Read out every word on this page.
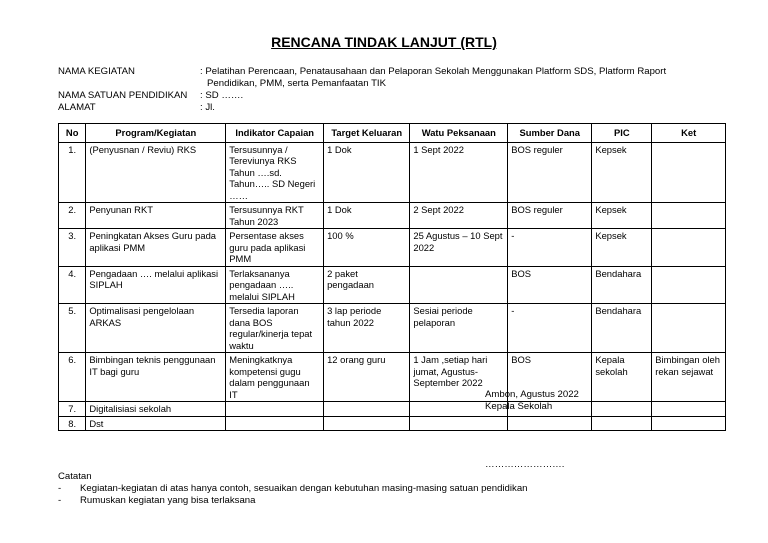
RENCANA TINDAK LANJUT (RTL)
NAMA KEGIATAN	: Pelatihan Perencaan, Penatausahaan dan Pelaporan Sekolah Menggunakan Platform SDS, Platform Raport
Pendidikan, PMM, serta Pemanfaatan TIK
NAMA SATUAN PENDIDIKAN : SD …….
ALAMAT	: Jl.
No	Program/Kegiatan	Indikator Capaian	Target Keluaran	Watu Peksanaan	Sumber Dana	PIC	Ket
1.	(Penyusnan / Reviu) RKS	Tersusunnya / Tereviunya RKS Tahun ….sd. Tahun….. SD Negeri ……	1 Dok	1 Sept 2022	BOS reguler	Kepsek	
2.	Penyunan RKT	Tersusunnya RKT Tahun 2023	1 Dok	2 Sept 2022	BOS reguler	Kepsek	
3.	Peningkatan Akses Guru pada aplikasi PMM	Persentase akses guru pada aplikasi PMM	100 %	25 Agustus – 10 Sept 2022	-	Kepsek	
4.	Pengadaan …. melalui aplikasi SIPLAH	Terlaksananya pengadaan ….. melalui SIPLAH	2 paket pengadaan		BOS	Bendahara	
5.	Optimalisasi pengelolaan ARKAS	Tersedia laporan dana BOS regular/kinerja tepat waktu	3 lap periode tahun 2022	Sesiai periode pelaporan	-	Bendahara	
6.	Bimbingan teknis penggunaan IT bagi guru	Meningkatknya kompetensi gugu dalam penggunaan IT	12 orang guru	1 Jam ,setiap hari jumat, Agustus-September 2022	BOS	Kepala sekolah	Bimbingan oleh rekan sejawat
7.	Digitalisiasi sekolah						
8.	Dst						
Ambon, Agustus 2022
Kepala Sekolah
…………………….
Catatan
-	Kegiatan-kegiatan di atas hanya contoh, sesuaikan dengan kebutuhan masing-masing satuan pendidikan
-	Rumuskan kegiatan yang bisa terlaksana
